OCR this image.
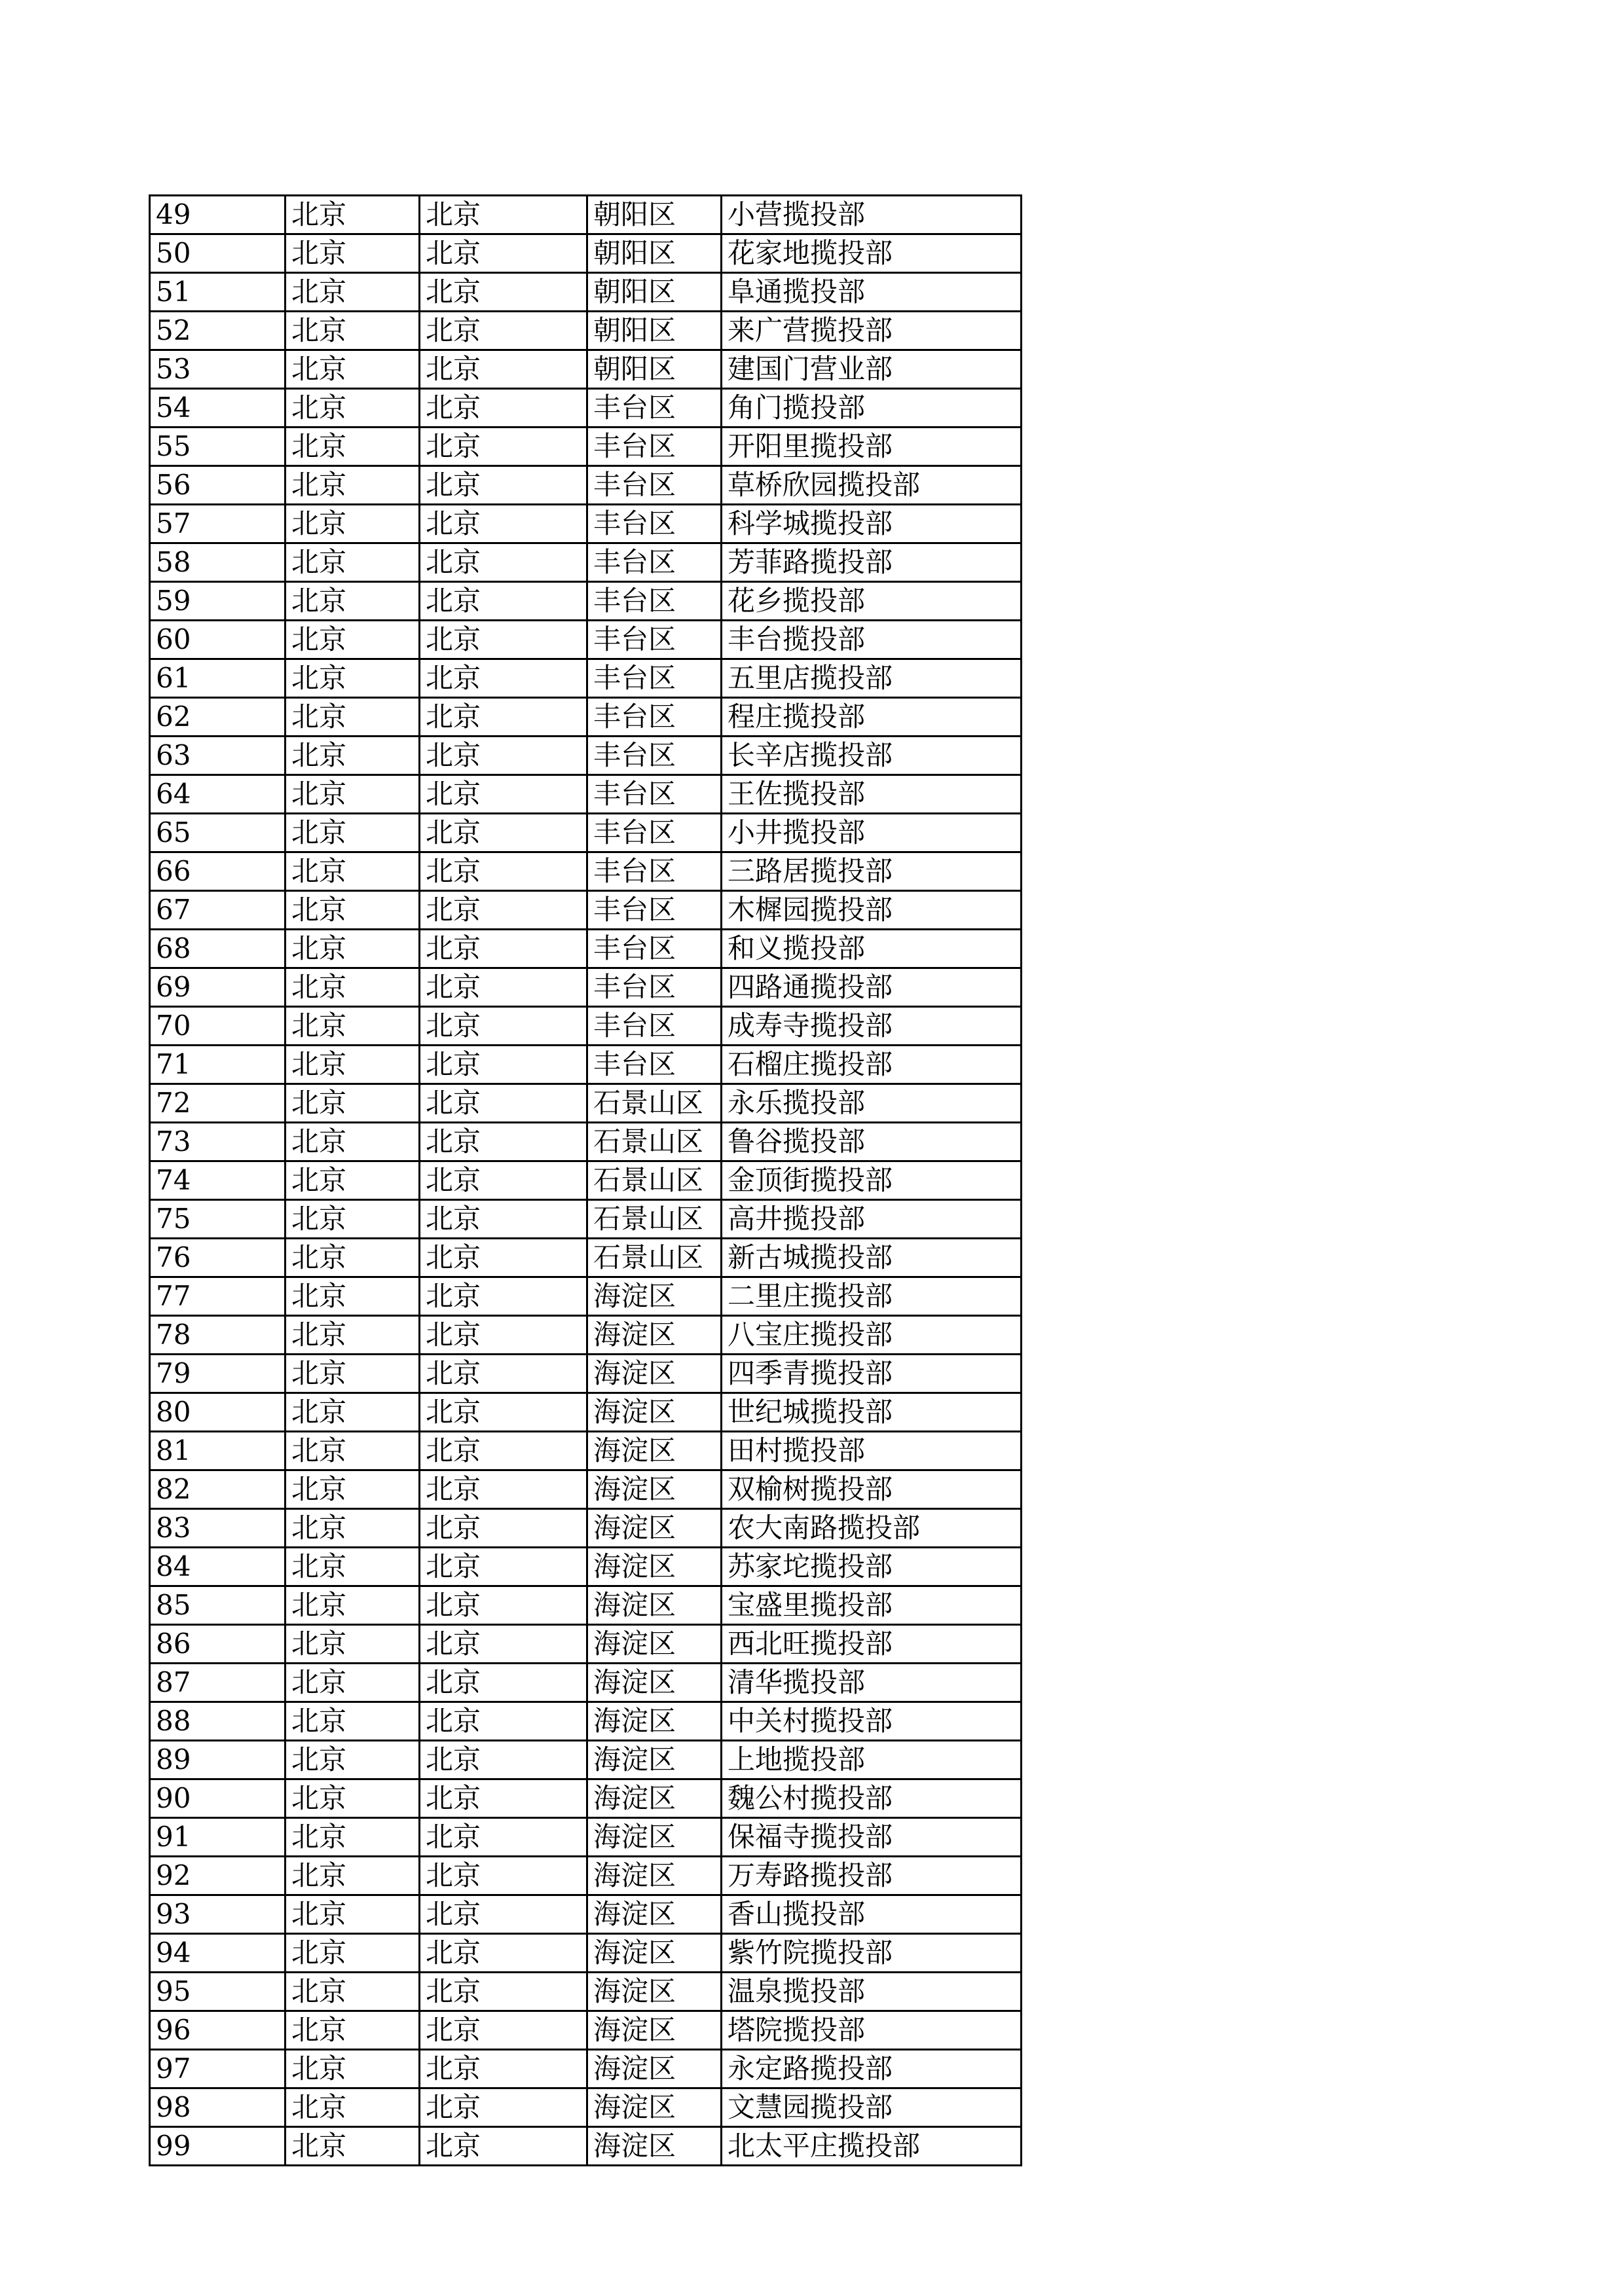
49	北京	北京	朝阳区	小营揽投部
50	北京	北京	朝阳区	花家地揽投部
51	北京	北京	朝阳区	阜通揽投部
52	北京	北京	朝阳区	来广营揽投部
53	北京	北京	朝阳区	建国门营业部
54	北京	北京	丰台区	角门揽投部
55	北京	北京	丰台区	开阳里揽投部
56	北京	北京	丰台区	草桥欣园揽投部
57	北京	北京	丰台区	科学城揽投部
58	北京	北京	丰台区	芳菲路揽投部
59	北京	北京	丰台区	花乡揽投部
60	北京	北京	丰台区	丰台揽投部
61	北京	北京	丰台区	五里店揽投部
62	北京	北京	丰台区	程庄揽投部
63	北京	北京	丰台区	长辛店揽投部
64	北京	北京	丰台区	王佐揽投部
65	北京	北京	丰台区	小井揽投部
66	北京	北京	丰台区	三路居揽投部
67	北京	北京	丰台区	木樨园揽投部
68	北京	北京	丰台区	和义揽投部
69	北京	北京	丰台区	四路通揽投部
70	北京	北京	丰台区	成寿寺揽投部
71	北京	北京	丰台区	石榴庄揽投部
72	北京	北京	石景山区	永乐揽投部
73	北京	北京	石景山区	鲁谷揽投部
74	北京	北京	石景山区	金顶街揽投部
75	北京	北京	石景山区	高井揽投部
76	北京	北京	石景山区	新古城揽投部
77	北京	北京	海淀区	二里庄揽投部
78	北京	北京	海淀区	八宝庄揽投部
79	北京	北京	海淀区	四季青揽投部
80	北京	北京	海淀区	世纪城揽投部
81	北京	北京	海淀区	田村揽投部
82	北京	北京	海淀区	双榆树揽投部
83	北京	北京	海淀区	农大南路揽投部
84	北京	北京	海淀区	苏家坨揽投部
85	北京	北京	海淀区	宝盛里揽投部
86	北京	北京	海淀区	西北旺揽投部
87	北京	北京	海淀区	清华揽投部
88	北京	北京	海淀区	中关村揽投部
89	北京	北京	海淀区	上地揽投部
90	北京	北京	海淀区	魏公村揽投部
91	北京	北京	海淀区	保福寺揽投部
92	北京	北京	海淀区	万寿路揽投部
93	北京	北京	海淀区	香山揽投部
94	北京	北京	海淀区	紫竹院揽投部
95	北京	北京	海淀区	温泉揽投部
96	北京	北京	海淀区	塔院揽投部
97	北京	北京	海淀区	永定路揽投部
98	北京	北京	海淀区	文慧园揽投部
99	北京	北京	海淀区	北太平庄揽投部
